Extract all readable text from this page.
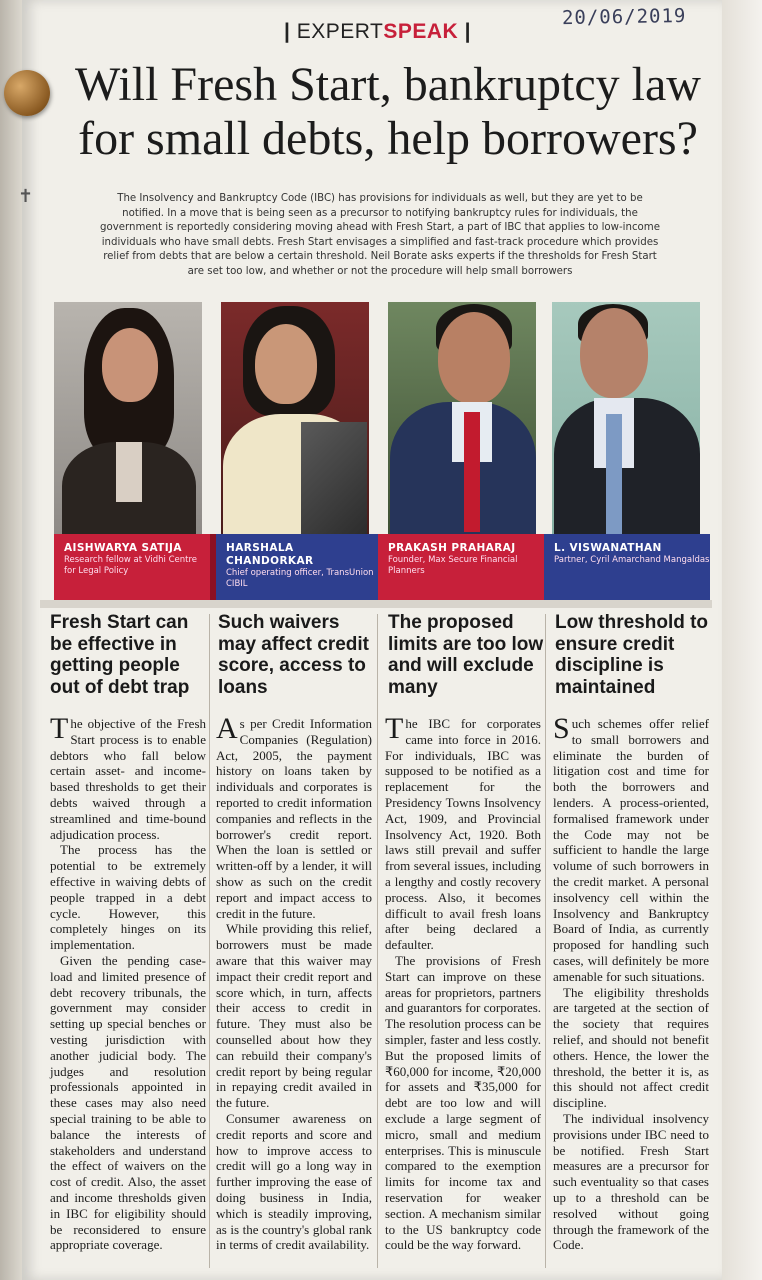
20/06/2019
| EXPERTSPEAK |
Will Fresh Start, bankruptcy law for small debts, help borrowers?
✝	The Insolvency and Bankruptcy Code (IBC) has provisions for individuals as well, but they are yet to be notified. In a move that is being seen as a precursor to notifying bankruptcy rules for individuals, the government is reportedly considering moving ahead with Fresh Start, a part of IBC that applies to low-income individuals who have small debts. Fresh Start envisages a simplified and fast-track procedure which provides relief from debts that are below a certain threshold. Neil Borate asks experts if the thresholds for Fresh Start are set too low, and whether or not the procedure will help small borrowers
AISHWARYA SATIJA
Research fellow at Vidhi Centre for Legal Policy
HARSHALA CHANDORKAR
Chief operating officer, TransUnion CIBIL
PRAKASH PRAHARAJ
Founder, Max Secure Financial Planners
L. VISWANATHAN
Partner, Cyril Amarchand Mangaldas
Fresh Start can be effective in getting people out of debt trap
Such waivers may affect credit score, access to loans
The proposed limits are too low and will exclude many
Low threshold to ensure credit discipline is maintained

The objective of the Fresh Start process is to enable debtors who fall below certain asset- and income-based thresholds to get their debts waived through a streamlined and time-bound adjudication process.

The process has the potential to be extremely effective in waiving debts of people trapped in a debt cycle. However, this completely hinges on its implementation.

Given the pending case-load and limited presence of debt recovery tribunals, the government may consider setting up special benches or vesting jurisdiction with another judicial body. The judges and resolution professionals appointed in these cases may also need special training to be able to balance the interests of stakeholders and understand the effect of waivers on the cost of credit. Also, the asset and income thresholds given in IBC for eligibility should be reconsidered to ensure appropriate coverage.

As per Credit Information Companies (Regulation) Act, 2005, the payment history on loans taken by individuals and corporates is reported to credit information companies and reflects in the borrower's credit report. When the loan is settled or written-off by a lender, it will show as such on the credit report and impact access to credit in the future.

While providing this relief, borrowers must be made aware that this waiver may impact their credit report and score which, in turn, affects their access to credit in future. They must also be counselled about how they can rebuild their company's credit report by being regular in repaying credit availed in the future.

Consumer awareness on credit reports and score and how to improve access to credit will go a long way in further improving the ease of doing business in India, which is steadily improving, as is the country's global rank in terms of credit availability.

The IBC for corporates came into force in 2016. For individuals, IBC was supposed to be notified as a replacement for the Presidency Towns Insolvency Act, 1909, and Provincial Insolvency Act, 1920. Both laws still prevail and suffer from several issues, including a lengthy and costly recovery process. Also, it becomes difficult to avail fresh loans after being declared a defaulter.

The provisions of Fresh Start can improve on these areas for proprietors, partners and guarantors for corporates. The resolution process can be simpler, faster and less costly. But the proposed limits of ₹60,000 for income, ₹20,000 for assets and ₹35,000 for debt are too low and will exclude a large segment of micro, small and medium enterprises. This is minuscule compared to the exemption limits for income tax and reservation for weaker section. A mechanism similar to the US bankruptcy code could be the way forward.

Such schemes offer relief to small borrowers and eliminate the burden of litigation cost and time for both the borrowers and lenders. A process-oriented, formalised framework under the Code may not be sufficient to handle the large volume of such borrowers in the credit market. A personal insolvency cell within the Insolvency and Bankruptcy Board of India, as currently proposed for handling such cases, will definitely be more amenable for such situations.

The eligibility thresholds are targeted at the section of the society that requires relief, and should not benefit others. Hence, the lower the threshold, the better it is, as this should not affect credit discipline.

The individual insolvency provisions under IBC need to be notified. Fresh Start measures are a precursor for such eventuality so that cases up to a threshold can be resolved without going through the framework of the Code.
